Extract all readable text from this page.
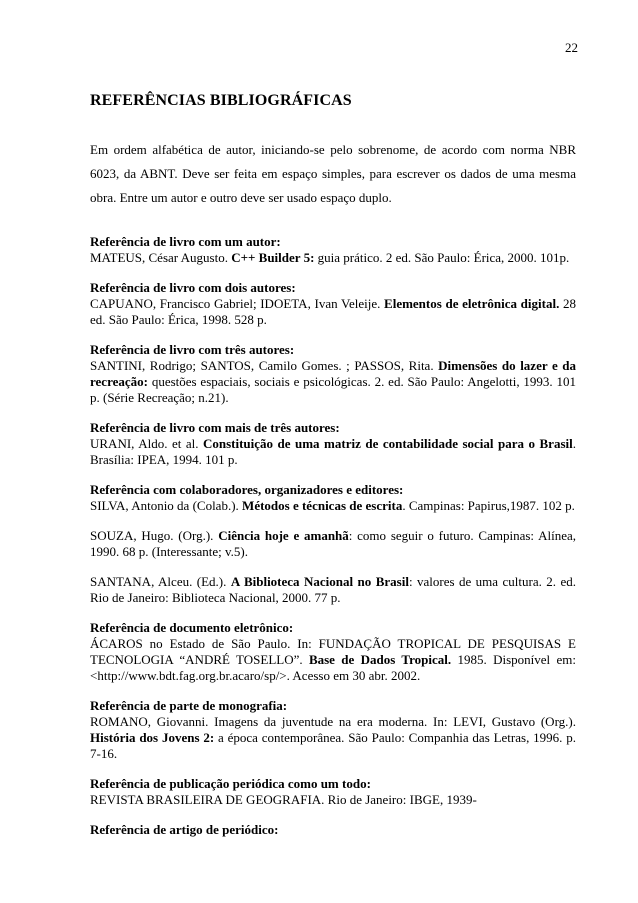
22
REFERÊNCIAS BIBLIOGRÁFICAS

Em ordem alfabética de autor, iniciando-se pelo sobrenome, de acordo com norma NBR 6023, da ABNT. Deve ser feita em espaço simples, para escrever os dados de uma mesma obra. Entre um autor e outro deve ser usado espaço duplo.

Referência de livro com um autor:

MATEUS, César Augusto. C++ Builder 5: guia prático. 2 ed. São Paulo: Érica, 2000. 101p.

Referência de livro com dois autores:

CAPUANO, Francisco Gabriel; IDOETA, Ivan Veleije. Elementos de eletrônica digital. 28 ed. São Paulo: Érica, 1998. 528 p.

Referência de livro com três autores:

SANTINI, Rodrigo; SANTOS, Camilo Gomes. ; PASSOS, Rita. Dimensões do lazer e da recreação: questões espaciais, sociais e psicológicas. 2. ed. São Paulo: Angelotti, 1993. 101 p. (Série Recreação; n.21).

Referência de livro com mais de três autores:

URANI, Aldo. et al. Constituição de uma matriz de contabilidade social para o Brasil. Brasília: IPEA, 1994. 101 p.

Referência com colaboradores, organizadores e editores:

SILVA, Antonio da (Colab.). Métodos e técnicas de escrita. Campinas: Papirus,1987. 102 p.

SOUZA, Hugo. (Org.). Ciência hoje e amanhã: como seguir o futuro. Campinas: Alínea, 1990. 68 p. (Interessante; v.5).

SANTANA, Alceu. (Ed.). A Biblioteca Nacional no Brasil: valores de uma cultura. 2. ed. Rio de Janeiro: Biblioteca Nacional, 2000. 77 p.

Referência de documento eletrônico:

ÁCAROS no Estado de São Paulo. In: FUNDAÇÃO TROPICAL DE PESQUISAS E TECNOLOGIA “ANDRÉ TOSELLO”. Base de Dados Tropical. 1985. Disponível em: <http://www.bdt.fag.org.br.acaro/sp/>. Acesso em 30 abr. 2002.

Referência de parte de monografia:

ROMANO, Giovanni. Imagens da juventude na era moderna. In: LEVI, Gustavo (Org.). História dos Jovens 2: a época contemporânea. São Paulo: Companhia das Letras, 1996. p. 7-16.

Referência de publicação periódica como um todo:

REVISTA BRASILEIRA DE GEOGRAFIA. Rio de Janeiro: IBGE, 1939-

Referência de artigo de periódico:
